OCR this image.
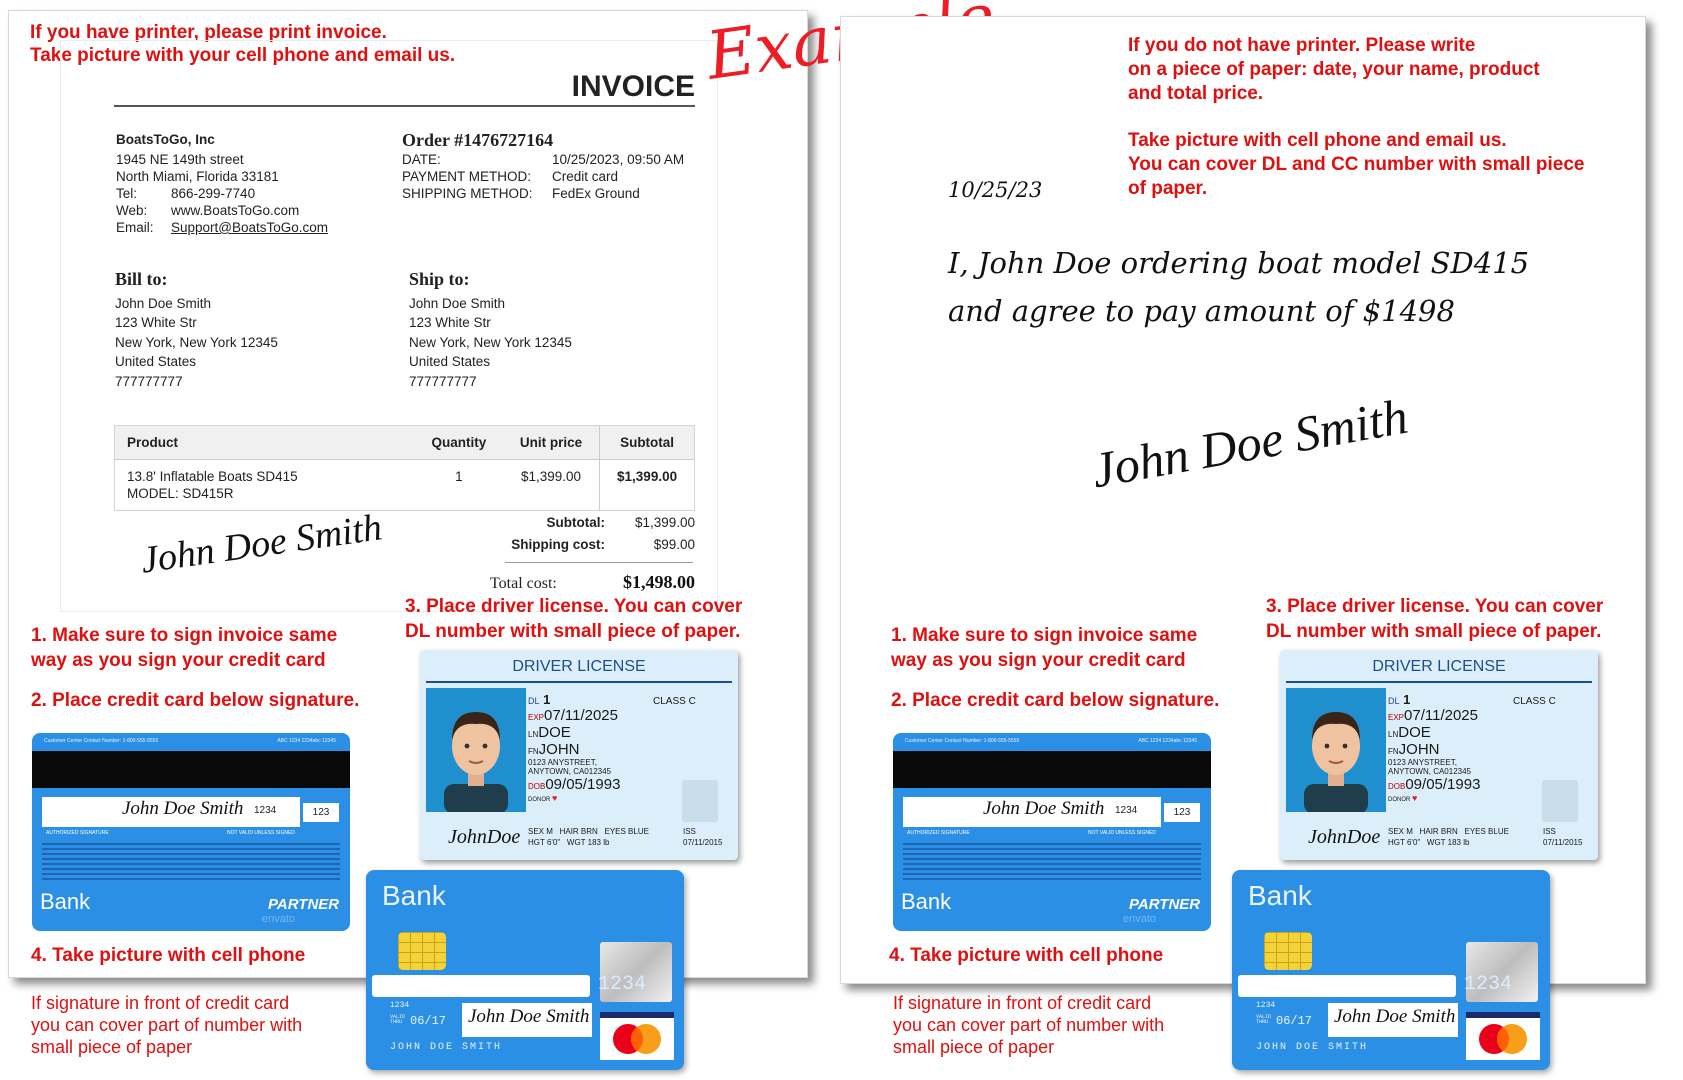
If you have printer, please print invoice.
Take picture with your cell phone and email us.
INVOICE
BoatsToGo, Inc
1945 NE 149th street
North Miami, Florida 33181
Tel:	866-299-7740
Web:	www.BoatsToGo.com
Email:	Support@BoatsToGo.com
Order #1476727164
DATE:	10/25/2023, 09:50 AM
PAYMENT METHOD:	Credit card
SHIPPING METHOD:	FedEx Ground
Bill to:
John Doe Smith
123 White Str
New York, New York 12345
United States
777777777
Ship to:
John Doe Smith
123 White Str
New York, New York 12345
United States
777777777
Product	Quantity	Unit price	Subtotal

13.8' Inflatable Boats SD415
MODEL: SD415R	1	$1,399.00	$1,399.00
Subtotal: $1,399.00
Shipping cost:	$99.00
Total cost:	$1,498.00
John Doe Smith
If you do not have printer. Please write
on a piece of paper: date, your name, product
and total price.
Take picture with cell phone and email us.
You can cover DL and CC number with small piece
of paper.
10/25/23
I, John Doe ordering boat model SD415
and agree to pay amount of $1498
John Doe Smith
1. Make sure to sign invoice same
way as you sign your credit card
2. Place credit card below signature.
3. Place driver license. You can cover
DL number with small piece of paper.
4. Take picture with cell phone
If signature in front of credit card
you can cover part of number with
small piece of paper
1. Make sure to sign invoice same
way as you sign your credit card
2. Place credit card below signature.
3. Place driver license. You can cover
DL number with small piece of paper.
4. Take picture with cell phone
If signature in front of credit card
you can cover part of number with
small piece of paper
Customer Center Contact Number: 1-800-555-5555	ABC 1234 1234abc 12345
John Doe Smith 1234	123
AUTHORIZED SIGNATURE	NOT VALID UNLESS SIGNED
Bank	PARTNER
envato
Customer Center Contact Number: 1-800-555-5555	ABC 1234 1234abc 12345
John Doe Smith 1234	123
AUTHORIZED SIGNATURE	NOT VALID UNLESS SIGNED
Bank	PARTNER
envato
DRIVER LICENSE
DL 1	CLASS C
EXP07/11/2025
LNDOE
FNJOHN
0123 ANYSTREET,
ANYTOWN, CA012345
DOB09/05/1993
DONOR ♥
JohnDoe SEX M HAIR BRN EYES BLUE	ISS
HGT 6'0" WGT 183 lb	07/11/2015
DRIVER LICENSE
DL 1	CLASS C
EXP07/11/2025
LNDOE
FNJOHN
0123 ANYSTREET,
ANYTOWN, CA012345
DOB09/05/1993
DONOR ♥
JohnDoe SEX M HAIR BRN EYES BLUE	ISS
HGT 6'0" WGT 183 lb	07/11/2015
Bank
1234
1234
VALID THRU 06/17 John Doe Smith
JOHN DOE SMITH
Bank
1234
1234
VALID THRU 06/17 John Doe Smith
JOHN DOE SMITH
